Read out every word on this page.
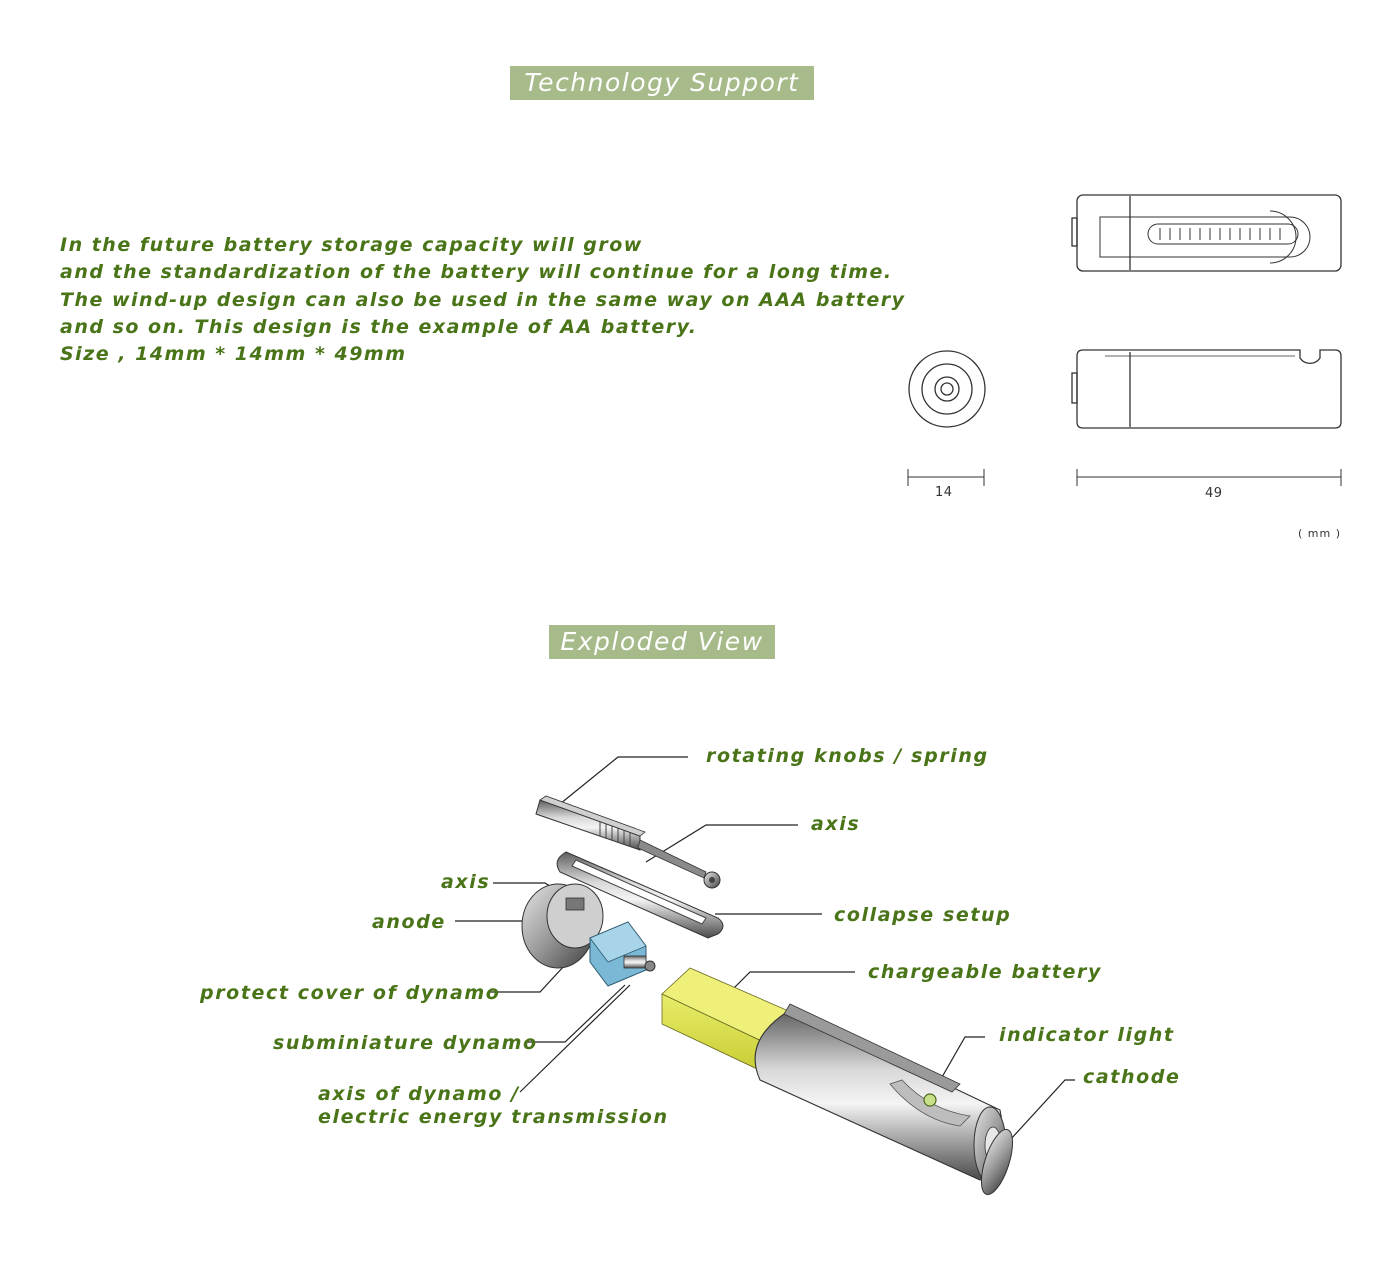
Technology Support
Exploded View
In the future battery storage capacity will grow
and the standardization of the battery will continue for a long time.
The wind-up design can also be used in the same way on AAA battery
and so on. This design is the example of AA battery.
Size , 14mm * 14mm * 49mm
14	49
( mm )
rotating knobs / spring
axis
axis
anode	collapse setup
chargeable battery
protect cover of dynamo
indicator light
subminiature dynamo
cathode
axis of dynamo /
electric energy transmission
